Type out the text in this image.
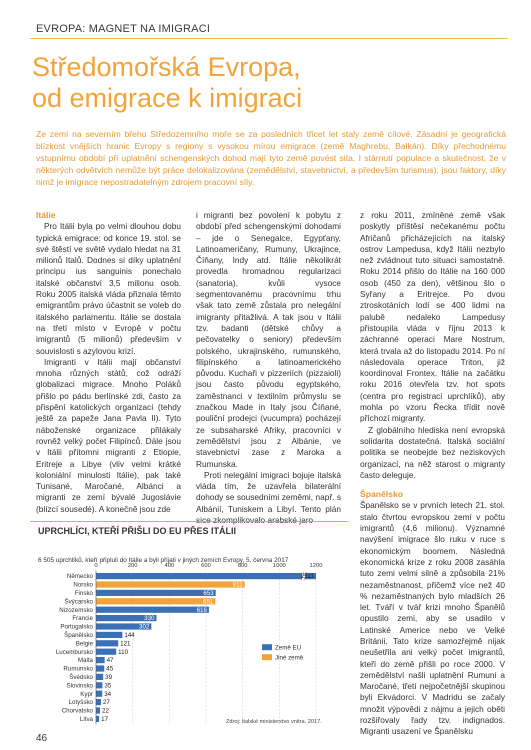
EVROPA: MAGNET NA IMIGRACI
Středomořská Evropa,
od emigrace k imigraci
Ze zemí na severním břehu Středozemního moře se za posledních třicet let staly země cílové. Zásadní je geografická blízkost vnějších hranic Evropy s regiony s vysokou mírou emigrace (země Maghrebu, Balkán). Díky přechodnému vstupnímu období při uplatnění schengenských dohod mají tyto země povést sita. I stárnutí populace a skutečnost, že v některých odvětvích nemůže být práce delokalizována (zemědělství, stavebnictví, a především turismus), jsou faktory, díky nimž je imigrace nepostradatelným zdrojem pracovní síly.
Itálie

Pro Itálii byla po velmi dlouhou dobu typická emigrace: od konce 19. stol. se své štěstí ve světě vydalo hledat na 31 milionů Italů. Dodnes si díky uplatnění principu ius sanguinis ponechalo italské občanství 3,5 milionu osob. Roku 2005 italská vláda přiznala těmto emigrantům právo účastnit se voleb do italského parlamentu. Itálie se dostala na třetí místo v Evropě v počtu imigrantů (5 milionů) především v souvislosti s azylovou krizí.

Imigranti v Itálii mají občanství mnoha různých států, což odráží globalizaci migrace. Mnoho Poláků přišlo po pádu berlínské zdi, často za přispění katolických organizací (tehdy ještě za papeže Jana Pavla II). Tyto náboženské organizace přilákaly rovněž velký počet Filipínců. Dále jsou v Itálii přítomni migranti z Etiopie, Eritreje a Libye (vliv velmi krátké koloniální minulosti Itálie), pak také Tunisané, Maročané, Albánci a migranti ze zemí bývalé Jugoslávie (blízcí sousedé). A konečně jsou zde

i migranti bez povolení k pobytu z období před schengenskými dohodami – jde o Senegalce, Egypťany, Latinoameričany, Rumuny, Ukrajince, Číňany, Indy atd. Itálie několikrát provedla hromadnou regularizaci (sanatoria), kvůli vysoce segmentovanému pracovnímu trhu však tato země zůstala pro nelegální imigranty přitažlivá. A tak jsou v Itálii tzv. badanti (dětské chůvy a pečovatelky o seniory) především polského, ukrajinského, rumunského, filipínského a latinoamerického původu. Kuchaři v pizzeriích (pizzaioli) jsou často původu egyptského, zaměstnanci v textilním průmyslu se značkou Made in Italy jsou Číňané, pouliční prodejci (vucumpra) pocházejí ze subsaharské Afriky, pracovníci v zemědělství jsou z Albánie, ve stavebnictví zase z Maroka a Rumunska.

Proti nelegální imigraci bojuje italská vláda tím, že uzavřela bilaterální dohody se sousedními zeměmi, např. s Albánií, Tuniskem a Libyí. Tento plán sice zkomplikovalo arabské jaro

z roku 2011, zmíněné země však poskytly příštěsí nečekanému počtu Afričanů přicházejících na italský ostrov Lampedusa, když Itálii nezbylo než zvládnout tuto situaci samostatně. Roku 2014 přišlo do Itálie na 160 000 osob (450 za den), většinou šlo o Syřany a Eritrejce. Po dvou ztroskotáních lodí se 400 lidmi na palubě nedaleko Lampedusy přistoupila vláda v říjnu 2013 k záchranné operaci Mare Nostrum, která trvala až do listopadu 2014. Po ní následovala operace Triton, již koordinoval Frontex. Itálie na začátku roku 2016 otevřela tzv. hot spots (centra pro registraci uprchlíků), aby mohla po vzoru Řecka třídit nově příchozí migranty.

Z globálního hlediska není evropská solidarita dostatečná. Italská sociální politika se neobejde bez neziskových organizací, na něž starost o migranty často deleguje.

Španělsko

Španělsko se v prvních letech 21. stol. stalo čtvrtou evropskou zemí v počtu imigrantů (4,6 milionu). Významné navýšení imigrace šlo ruku v ruce s ekonomickým boomem. Následná ekonomická krize z roku 2008 zasáhla tuto zemi velmi silně a způsobila 21% nezaměstnanost, přičemž více než 40 % nezaměstnaných bylo mladších 26 let. Tváří v tvář krizi mnoho Španělů opustilo zemi, aby se usadilo v Latinské Americe nebo ve Velké Británii. Tato krize samozřejmě nijak neušetřila ani velký počet imigrantů, kteří do země přišli po roce 2000. V zemědělství našli uplatnění Rumuni a Maročané, třetí nejpočetnější skupinou byli Ekvádorci. V Madridu se začaly množit výpovědi z nájmu a jejich oběti rozšiřovaly řady tzv. indignados. Migranti usazení ve Španělsku

UPRCHLÍCI, KTEŘÍ PŘIŠLI DO EU PŘES ITÁLII
6 505 uprchlíků, kteří připluli do Itálie a byli přijati v jiných zemích Evropy, 5. června 2017
0	200	400	600	800	1000	1200
Německo	2511
Norsko	811
Finsko	653
Švýcarsko	651
Nizozemsko	616
Francie	330
Portugalsko	302
Španělsko	144
Belgie	121
Lucembursko	110
Malta 47
Rumunsko 45
Švédsko 39
Slovinsko 35
Kypr 34
Lotyšsko 27
Chorvatsko 22
Litva 17
Země EU
Jiné země
Zdroj: Italské ministerstvo vnitra, 2017.
46
